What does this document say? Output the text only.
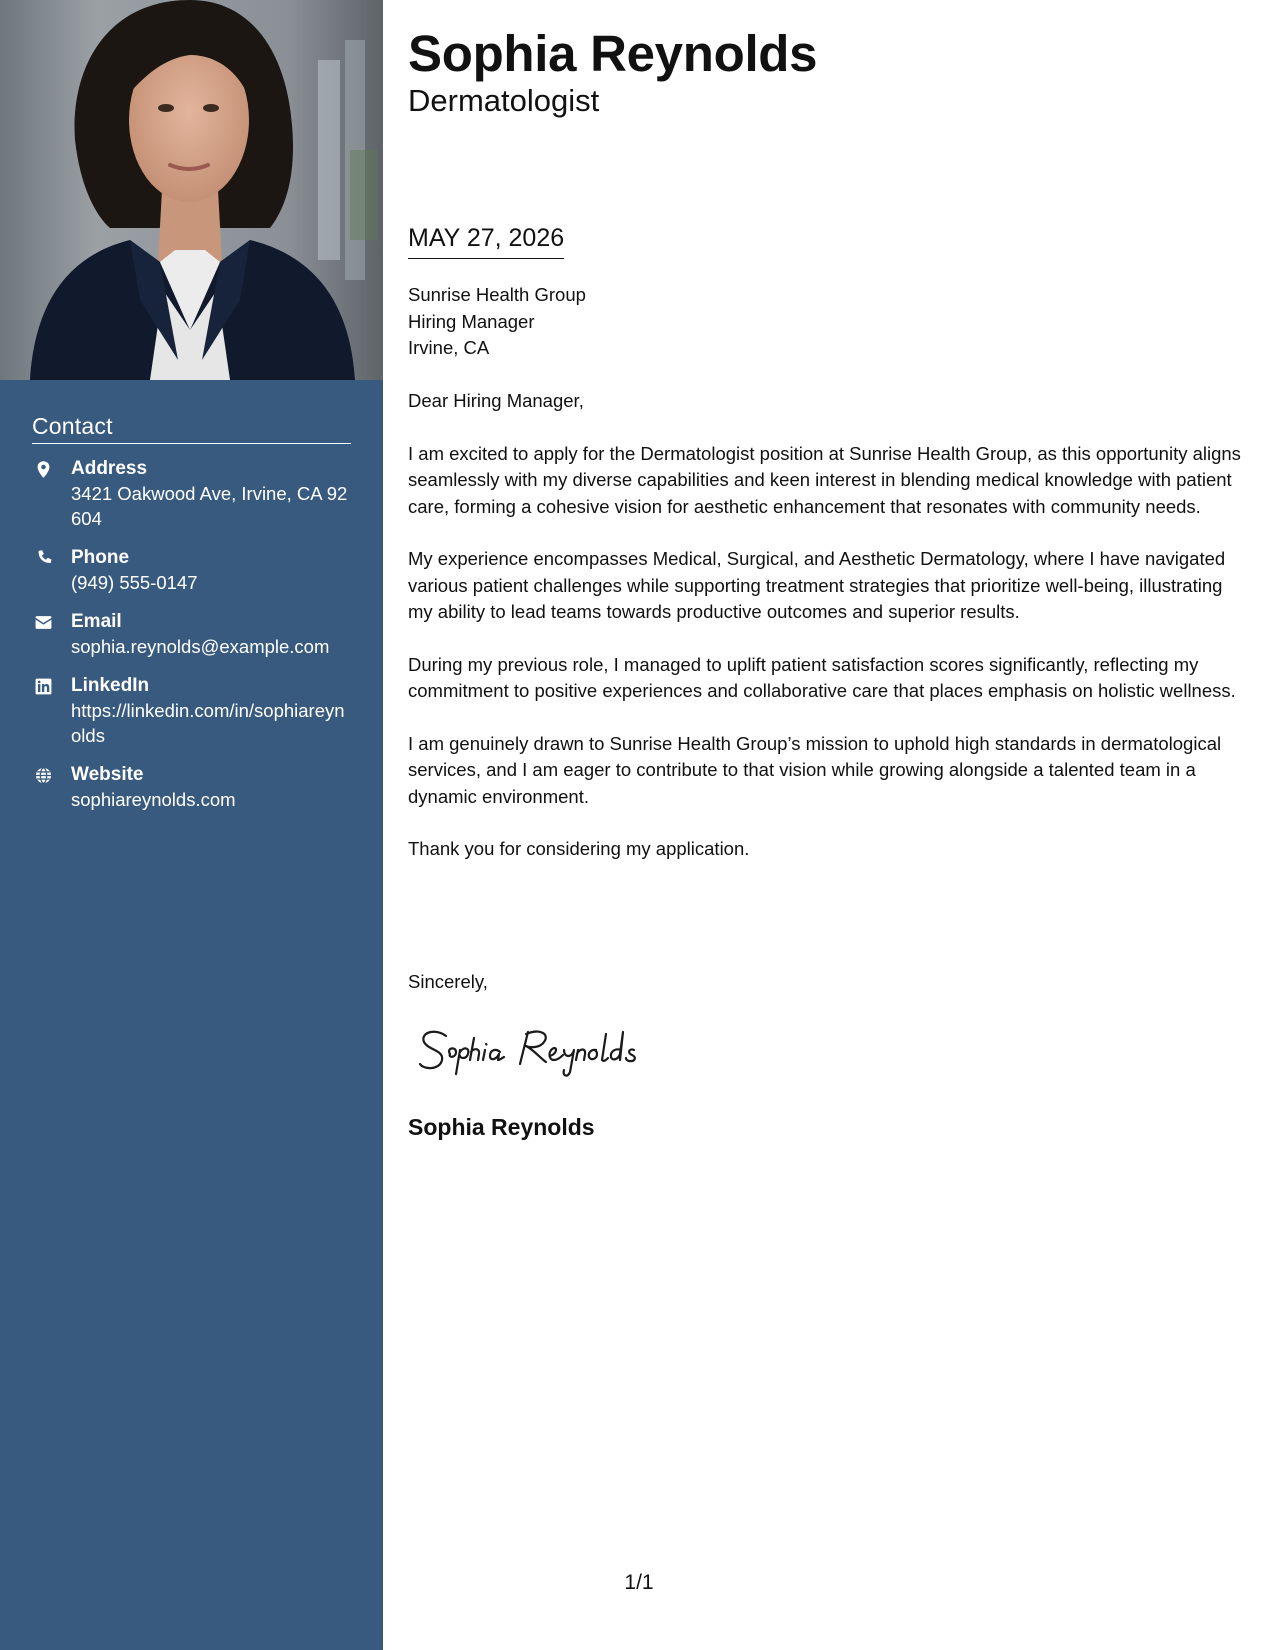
Contact
Address
3421 Oakwood Ave, Irvine, CA 92604
Phone
(949) 555-0147
Email
sophia.reynolds@example.com
LinkedIn
https://linkedin.com/in/sophiareynolds
Website
sophiareynolds.com
Sophia Reynolds
Dermatologist
MAY 27, 2026
Sunrise Health Group
Hiring Manager
Irvine, CA

Dear Hiring Manager,

I am excited to apply for the Dermatologist position at Sunrise Health Group, as this opportunity aligns seamlessly with my diverse capabilities and keen interest in blending medical knowledge with patient care, forming a cohesive vision for aesthetic enhancement that resonates with community needs.

My experience encompasses Medical, Surgical, and Aesthetic Dermatology, where I have navigated various patient challenges while supporting treatment strategies that prioritize well-being, illustrating my ability to lead teams towards productive outcomes and superior results.

During my previous role, I managed to uplift patient satisfaction scores significantly, reflecting my commitment to positive experiences and collaborative care that places emphasis on holistic wellness.

I am genuinely drawn to Sunrise Health Group’s mission to uphold high standards in dermatological services, and I am eager to contribute to that vision while growing alongside a talented team in a dynamic environment.

Thank you for considering my application.

Sincerely,
Sophia Reynolds
1/1
